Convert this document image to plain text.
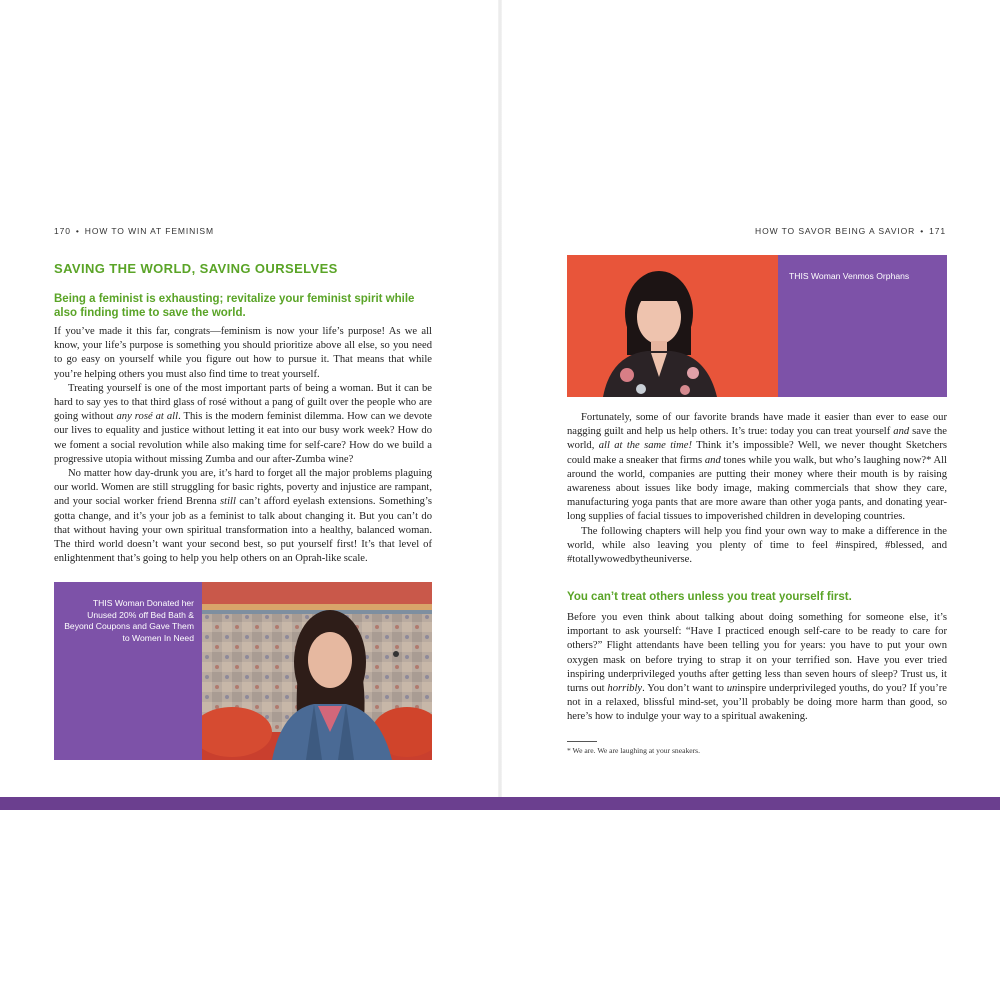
170 • HOW TO WIN AT FEMINISM
SAVING THE WORLD, SAVING OURSELVES
Being a feminist is exhausting; revitalize your feminist spirit while also finding time to save the world.

If you’ve made it this far, congrats—feminism is now your life’s purpose! As we all know, your life’s purpose is something you should prioritize above all else, so you need to go easy on yourself while you figure out how to pursue it. That means that while you’re helping others you must also find time to treat yourself.

Treating yourself is one of the most important parts of being a woman. But it can be hard to say yes to that third glass of rosé without a pang of guilt over the people who are going without any rosé at all. This is the modern feminist dilemma. How can we devote our lives to equality and justice without letting it eat into our busy work week? How do we foment a social revolution while also making time for self-care? How do we build a progressive utopia without missing Zumba and our after-Zumba wine?

No matter how day-drunk you are, it’s hard to forget all the major problems plaguing our world. Women are still struggling for basic rights, poverty and injustice are rampant, and your social worker friend Brenna still can’t afford eyelash extensions. Something’s gotta change, and it’s your job as a feminist to talk about changing it. But you can’t do that without having your own spiritual transformation into a healthy, balanced woman. The third world doesn’t want your second best, so put yourself first! It’s that level of enlightenment that’s going to help you help others on an Oprah-like scale.

THIS Woman Donated her Unused 20% off Bed Bath & Beyond Coupons and Gave Them to Women In Need
HOW TO SAVOR BEING A SAVIOR • 171
THIS Woman Venmos Orphans

Fortunately, some of our favorite brands have made it easier than ever to ease our nagging guilt and help us help others. It’s true: today you can treat yourself and save the world, all at the same time! Think it’s impossible? Well, we never thought Sketchers could make a sneaker that firms and tones while you walk, but who’s laughing now?* All around the world, companies are putting their money where their mouth is by raising awareness about issues like body image, making commercials that show they care, manufacturing yoga pants that are more aware than other yoga pants, and donating year-long supplies of facial tissues to impoverished children in developing countries.

The following chapters will help you find your own way to make a difference in the world, while also leaving you plenty of time to feel #inspired, #blessed, and #totallywowedbytheuniverse.

You can’t treat others unless you treat yourself first.

Before you even think about talking about doing something for someone else, it’s important to ask yourself: “Have I practiced enough self-care to be ready to care for others?” Flight attendants have been telling you for years: you have to put your own oxygen mask on before trying to strap it on your terrified son. Have you ever tried inspiring underprivileged youths after getting less than seven hours of sleep? Trust us, it turns out horribly. You don’t want to uninspire underprivileged youths, do you? If you’re not in a relaxed, blissful mind-set, you’ll probably be doing more harm than good, so here’s how to indulge your way to a spiritual awakening.

* We are. We are laughing at your sneakers.
